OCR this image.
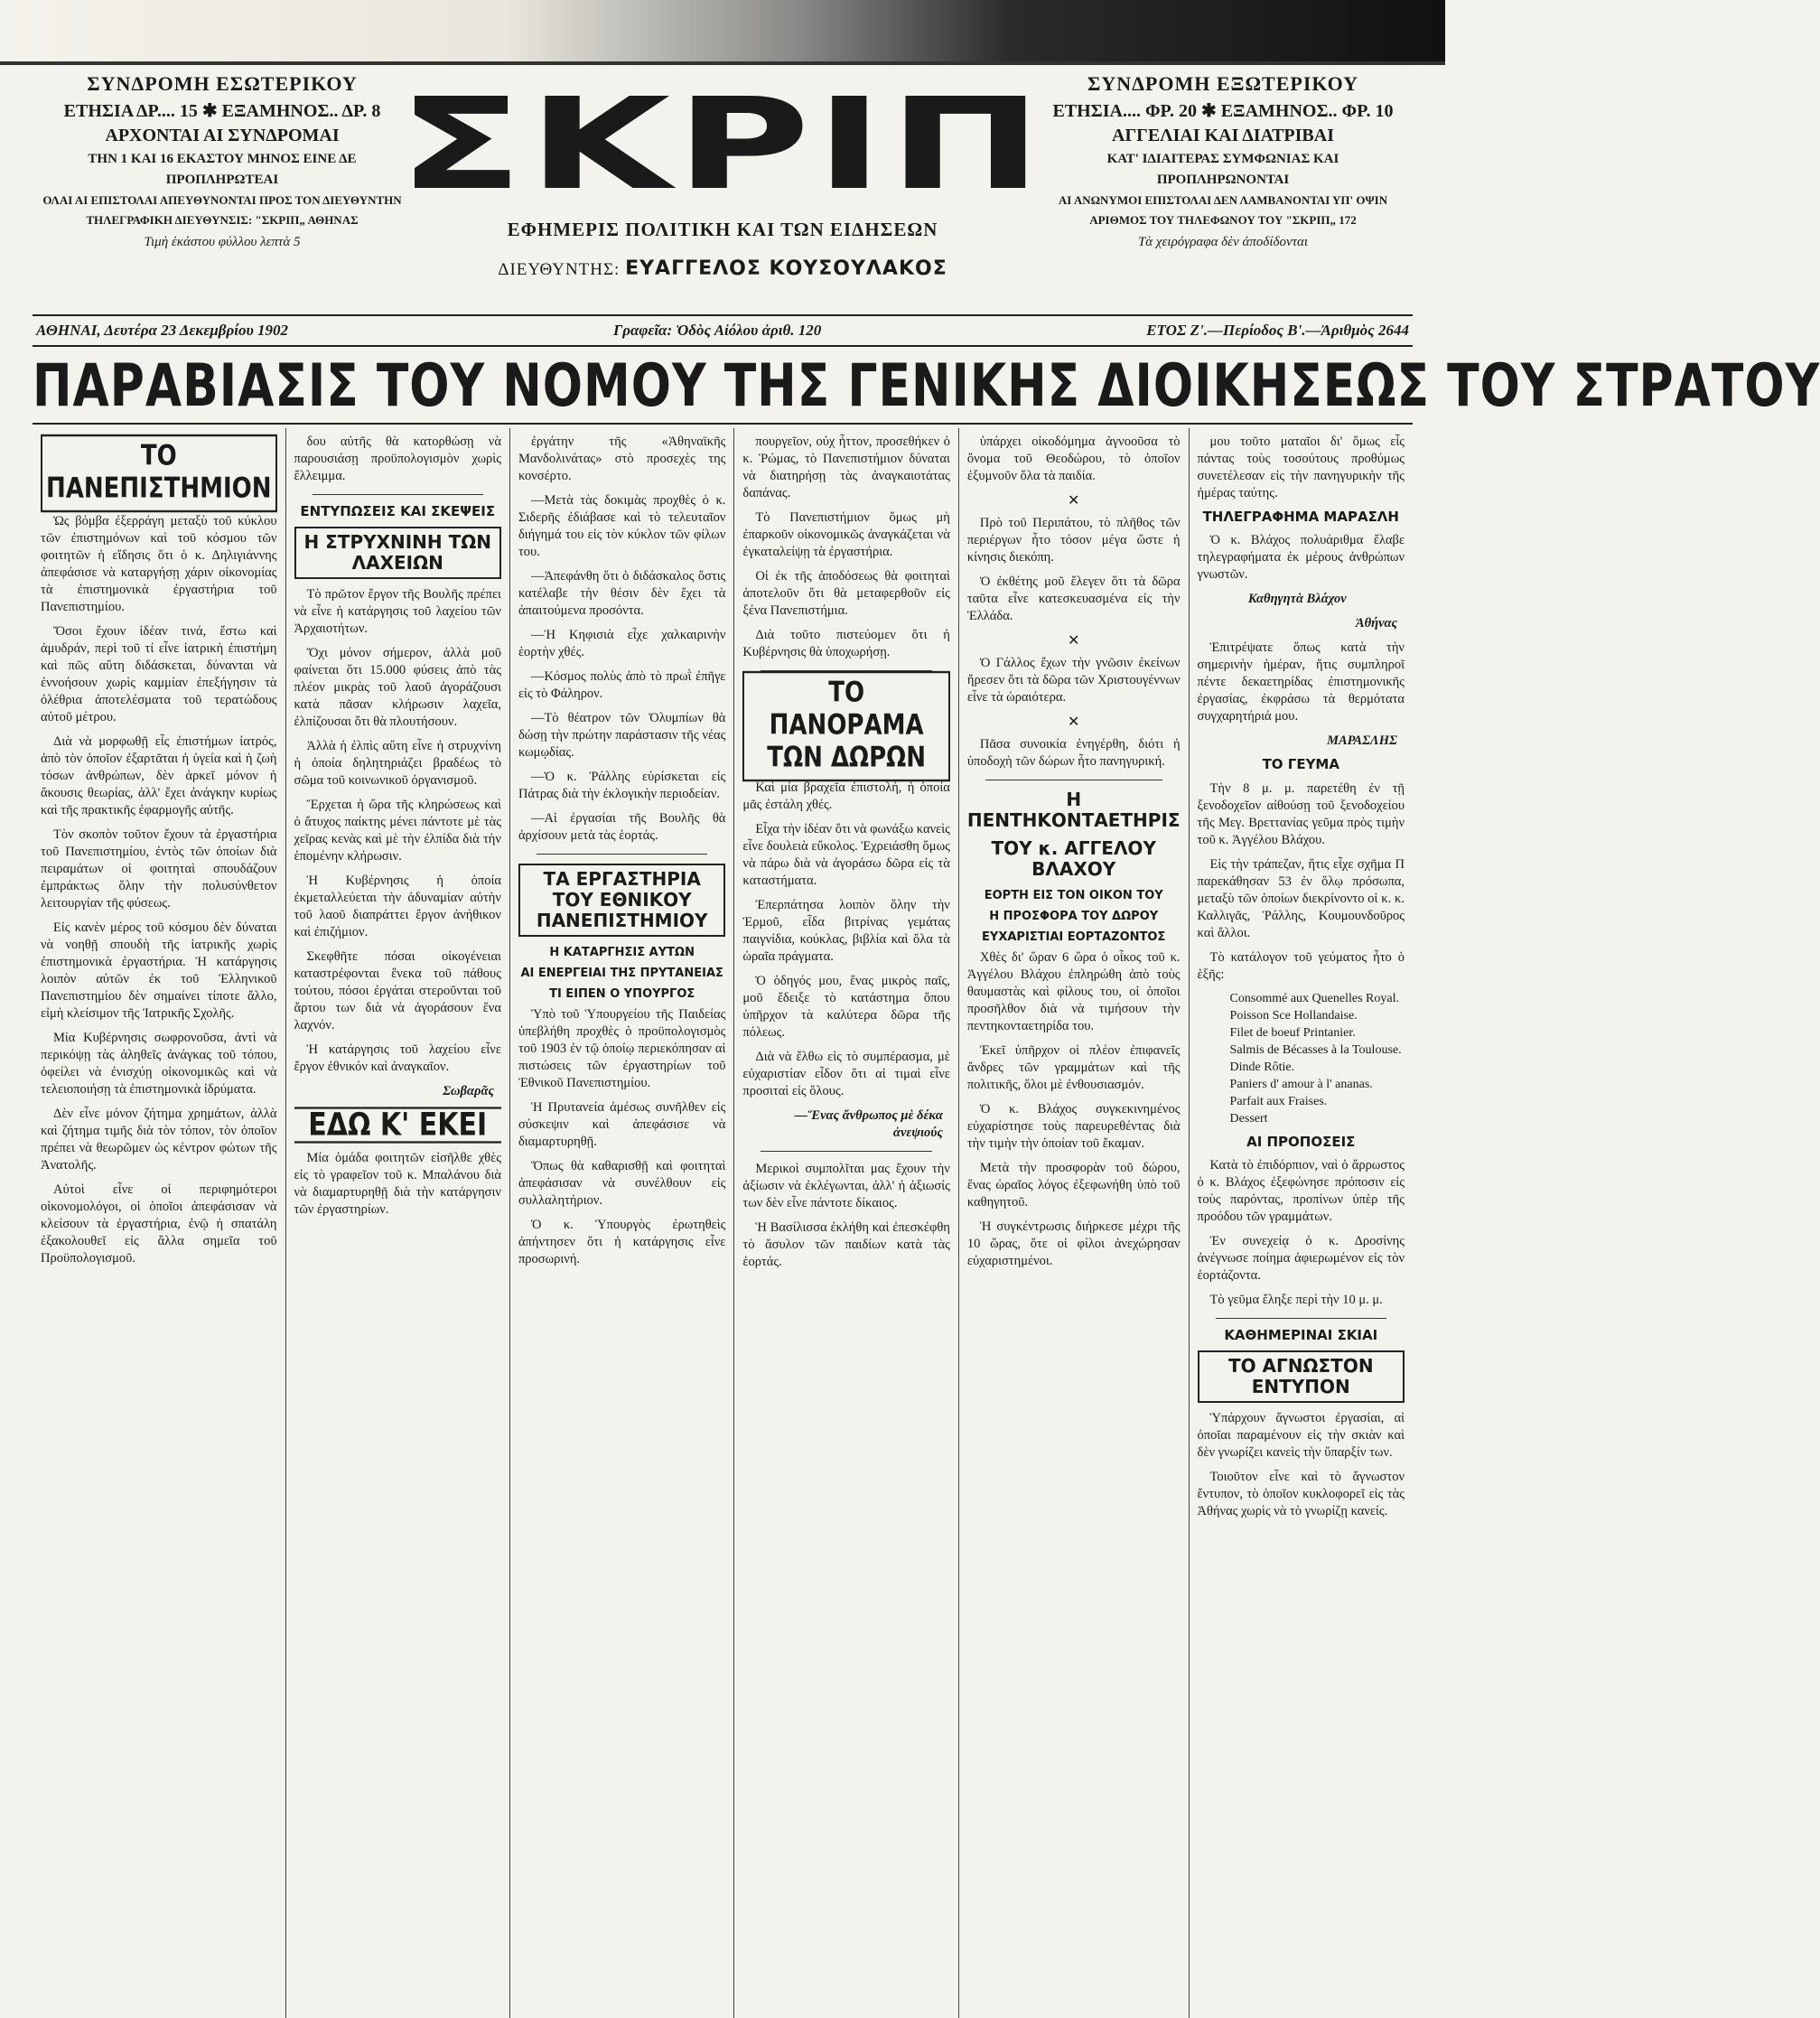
ΣΥΝΔΡΟΜΗ ΕΣΩΤΕΡΙΚΟΥ
ΕΤΗΣΙΑ ΔΡ.... 15 ✱ ΕΞΑΜΗΝΟΣ.. ΔΡ. 8
ΑΡΧΟΝΤΑΙ ΑΙ ΣΥΝΔΡΟΜΑΙ
ΤΗΝ 1 ΚΑΙ 16 ΕΚΑΣΤΟΥ ΜΗΝΟΣ ΕΙΝΕ ΔΕ
ΠΡΟΠΛΗΡΩΤΕΑΙ
ΟΛΑΙ ΑΙ ΕΠΙΣΤΟΛΑΙ ΑΠΕΥΘΥΝΟΝΤΑΙ ΠΡΟΣ ΤΟΝ ΔΙΕΥΘΥΝΤΗΝ
ΤΗΛΕΓΡΑΦΙΚΗ ΔΙΕΥΘΥΝΣΙΣ: "ΣΚΡΙΠ„ ΑΘΗΝΑΣ
Τιμὴ ἑκάστου φύλλου λεπτὰ 5
ΣΚΡΙΠ
ΕΦΗΜΕΡΙΣ ΠΟΛΙΤΙΚΗ ΚΑΙ ΤΩΝ ΕΙΔΗΣΕΩΝ
ΔΙΕΥΘΥΝΤΗΣ: ΕΥΑΓΓΕΛΟΣ ΚΟΥΣΟΥΛΑΚΟΣ
ΣΥΝΔΡΟΜΗ ΕΞΩΤΕΡΙΚΟΥ
ΕΤΗΣΙΑ.... ΦΡ. 20 ✱ ΕΞΑΜΗΝΟΣ.. ΦΡ. 10
ΑΓΓΕΛΙΑΙ ΚΑΙ ΔΙΑΤΡΙΒΑΙ
ΚΑΤ' ΙΔΙΑΙΤΕΡΑΣ ΣΥΜΦΩΝΙΑΣ ΚΑΙ
ΠΡΟΠΛΗΡΩΝΟΝΤΑΙ
ΑΙ ΑΝΩΝΥΜΟΙ ΕΠΙΣΤΟΛΑΙ ΔΕΝ ΛΑΜΒΑΝΟΝΤΑΙ ΥΠ' ΟΨΙΝ
ΑΡΙΘΜΟΣ ΤΟΥ ΤΗΛΕΦΩΝΟΥ ΤΟΥ "ΣΚΡΙΠ„ 172
Τὰ χειρόγραφα δὲν ἀποδίδονται
ΑΘΗΝΑΙ, Δευτέρα 23 Δεκεμβρίου 1902	Γραφεῖα: Ὁδὸς Αἰόλου ἀριθ. 120	ΕΤΟΣ Ζ'.—Περίοδος Β'.—Ἀριθμὸς 2644
ΠΑΡΑΒΙΑΣΙΣ ΤΟΥ ΝΟΜΟΥ ΤΗΣ ΓΕΝΙΚΗΣ ΔΙΟΙΚΗΣΕΩΣ ΤΟΥ ΣΤΡΑΤΟΥ
ΤΟ ΠΑΝΕΠΙΣΤΗΜΙΟΝ

Ὡς βόμβα ἐξερράγη μεταξὺ τοῦ κύκλου τῶν ἐπιστημόνων καὶ τοῦ κόσμου τῶν φοιτητῶν ἡ εἴδησις ὅτι ὁ κ. Δηλιγιάννης ἀπεφάσισε νὰ καταργήσῃ χάριν οἰκονομίας τὰ ἐπιστημονικὰ ἐργαστήρια τοῦ Πανεπιστημίου.

Ὅσοι ἔχουν ἰδέαν τινά, ἔστω καὶ ἀμυδράν, περὶ τοῦ τί εἶνε ἰατρικὴ ἐπιστήμη καὶ πῶς αὕτη διδάσκεται, δύνανται νὰ ἐννοήσουν χωρὶς καμμίαν ἐπεξήγησιν τὰ ὀλέθρια ἀποτελέσματα τοῦ τερατώδους αὐτοῦ μέτρου.

Διὰ νὰ μορφωθῇ εἷς ἐπιστήμων ἰατρός, ἀπὸ τὸν ὁποῖον ἐξαρτᾶται ἡ ὑγεία καὶ ἡ ζωὴ τόσων ἀνθρώπων, δὲν ἀρκεῖ μόνον ἡ ἄκουσις θεωρίας, ἀλλ' ἔχει ἀνάγκην κυρίως καὶ τῆς πρακτικῆς ἐφαρμογῆς αὐτῆς.

Τὸν σκοπὸν τοῦτον ἔχουν τὰ ἐργαστήρια τοῦ Πανεπιστημίου, ἐντὸς τῶν ὁποίων διὰ πειραμάτων οἱ φοιτηταὶ σπουδάζουν ἐμπράκτως ὅλην τὴν πολυσύνθετον λειτουργίαν τῆς φύσεως.

Εἰς κανὲν μέρος τοῦ κόσμου δὲν δύναται νὰ νοηθῇ σπουδὴ τῆς ἰατρικῆς χωρὶς ἐπιστημονικὰ ἐργαστήρια. Ἡ κατάργησις λοιπὸν αὐτῶν ἐκ τοῦ Ἑλληνικοῦ Πανεπιστημίου δὲν σημαίνει τίποτε ἄλλο, εἰμὴ κλείσιμον τῆς Ἰατρικῆς Σχολῆς.

Μία Κυβέρνησις σωφρονοῦσα, ἀντὶ νὰ περικόψῃ τὰς ἀληθεῖς ἀνάγκας τοῦ τόπου, ὀφείλει νὰ ἐνισχύῃ οἰκονομικῶς καὶ νὰ τελειοποιήσῃ τὰ ἐπιστημονικὰ ἱδρύματα.

Δὲν εἶνε μόνον ζήτημα χρημάτων, ἀλλὰ καὶ ζήτημα τιμῆς διὰ τὸν τόπον, τὸν ὁποῖον πρέπει νὰ θεωρῶμεν ὡς κέντρον φώτων τῆς Ἀνατολῆς.

Αὐτοὶ εἶνε οἱ περιφημότεροι οἰκονομολόγοι, οἱ ὁποῖοι ἀπεφάσισαν νὰ κλείσουν τὰ ἐργαστήρια, ἐνῷ ἡ σπατάλη ἐξακολουθεῖ εἰς ἄλλα σημεῖα τοῦ Προϋπολογισμοῦ.

δου αὐτῆς θὰ κατορθώσῃ νὰ παρουσιάσῃ προϋπολογισμὸν χωρὶς ἔλλειμμα.

ΕΝΤΥΠΩΣΕΙΣ ΚΑΙ ΣΚΕΨΕΙΣ
Η ΣΤΡΥΧΝΙΝΗ ΤΩΝ ΛΑΧΕΙΩΝ

Τὸ πρῶτον ἔργον τῆς Βουλῆς πρέπει νὰ εἶνε ἡ κατάργησις τοῦ λαχείου τῶν Ἀρχαιοτήτων.

Ὄχι μόνον σήμερον, ἀλλὰ μοῦ φαίνεται ὅτι 15.000 φύσεις ἀπὸ τὰς πλέον μικρὰς τοῦ λαοῦ ἀγοράζουσι κατὰ πᾶσαν κλήρωσιν λαχεῖα, ἐλπίζουσαι ὅτι θὰ πλουτήσουν.

Ἀλλὰ ἡ ἐλπὶς αὕτη εἶνε ἡ στρυχνίνη ἡ ὁποία δηλητηριάζει βραδέως τὸ σῶμα τοῦ κοινωνικοῦ ὀργανισμοῦ.

Ἔρχεται ἡ ὥρα τῆς κληρώσεως καὶ ὁ ἄτυχος παίκτης μένει πάντοτε μὲ τὰς χεῖρας κενὰς καὶ μὲ τὴν ἐλπίδα διὰ τὴν ἑπομένην κλήρωσιν.

Ἡ Κυβέρνησις ἡ ὁποία ἐκμεταλλεύεται τὴν ἀδυναμίαν αὐτὴν τοῦ λαοῦ διαπράττει ἔργον ἀνήθικον καὶ ἐπιζήμιον.

Σκεφθῆτε πόσαι οἰκογένειαι καταστρέφονται ἕνεκα τοῦ πάθους τούτου, πόσοι ἐργάται στεροῦνται τοῦ ἄρτου των διὰ νὰ ἀγοράσουν ἕνα λαχνόν.

Ἡ κατάργησις τοῦ λαχείου εἶνε ἔργον ἐθνικόν καὶ ἀναγκαῖον.

Σωβαρᾶς
ΕΔΩ Κ' ΕΚΕΙ

Μία ὁμάδα φοιτητῶν εἰσῆλθε χθὲς εἰς τὸ γραφεῖον τοῦ κ. Μπαλάνου διὰ νὰ διαμαρτυρηθῇ διὰ τὴν κατάργησιν τῶν ἐργαστηρίων.

ἐργάτην τῆς «Ἀθηναϊκῆς Μανδολινάτας» στὸ προσεχὲς της κονσέρτο.

—Μετὰ τὰς δοκιμὰς προχθὲς ὁ κ. Σιδερῆς ἐδιάβασε καὶ τὸ τελευταῖον διήγημά του εἰς τὸν κύκλον τῶν φίλων του.

—Ἀπεφάνθη ὅτι ὁ διδάσκαλος ὅστις κατέλαβε τὴν θέσιν δὲν ἔχει τὰ ἀπαιτούμενα προσόντα.

—Ἡ Κηφισιὰ εἶχε χαλκαιρινὴν ἑορτὴν χθές.

—Κόσμος πολὺς ἀπὸ τὸ πρωῒ ἐπῆγε εἰς τὸ Φάληρον.

—Τὸ θέατρον τῶν Ὀλυμπίων θὰ δώσῃ τὴν πρώτην παράστασιν τῆς νέας κωμῳδίας.

—Ὁ κ. Ῥάλλης εὑρίσκεται εἰς Πάτρας διὰ τὴν ἐκλογικὴν περιοδείαν.

—Αἱ ἐργασίαι τῆς Βουλῆς θὰ ἀρχίσουν μετὰ τὰς ἑορτάς.

ΤΑ ΕΡΓΑΣΤΗΡΙΑ ΤΟΥ ΕΘΝΙΚΟΥ ΠΑΝΕΠΙΣΤΗΜΙΟΥ
Η ΚΑΤΑΡΓΗΣΙΣ ΑΥΤΩΝ
ΑΙ ΕΝΕΡΓΕΙΑΙ ΤΗΣ ΠΡΥΤΑΝΕΙΑΣ
ΤΙ ΕΙΠΕΝ Ο ΥΠΟΥΡΓΟΣ

Ὑπὸ τοῦ Ὑπουργείου τῆς Παιδείας ὑπεβλήθη προχθὲς ὁ προϋπολογισμὸς τοῦ 1903 ἐν τῷ ὁποίῳ περιεκόπησαν αἱ πιστώσεις τῶν ἐργαστηρίων τοῦ Ἐθνικοῦ Πανεπιστημίου.

Ἡ Πρυτανεία ἀμέσως συνῆλθεν εἰς σύσκεψιν καὶ ἀπεφάσισε νὰ διαμαρτυρηθῇ.

Ὅπως θὰ καθαρισθῇ καὶ φοιτηταὶ ἀπεφάσισαν νὰ συνέλθουν εἰς συλλαλητήριον.

Ὁ κ. Ὑπουργὸς ἐρωτηθεὶς ἀπήντησεν ὅτι ἡ κατάργησις εἶνε προσωρινή.

πουργεῖον, οὐχ ἧττον, προσεθήκεν ὁ κ. Ῥώμας, τὸ Πανεπιστήμιον δύναται νὰ διατηρήσῃ τὰς ἀναγκαιοτάτας δαπάνας.

Τὸ Πανεπιστήμιον ὅμως μὴ ἐπαρκοῦν οἰκονομικῶς ἀναγκάζεται νὰ ἐγκαταλείψῃ τὰ ἐργαστήρια.

Οἱ ἐκ τῆς ἀποδόσεως θὰ φοιτηταὶ ἀποτελοῦν ὅτι θὰ μεταφερθοῦν εἰς ξένα Πανεπιστήμια.

Διὰ τοῦτο πιστεύομεν ὅτι ἡ Κυβέρνησις θὰ ὑποχωρήσῃ.

ΤΟ ΠΑΝΟΡΑΜΑ ΤΩΝ ΔΩΡΩΝ

Καὶ μία βραχεῖα ἐπιστολή, ἡ ὁποία μᾶς ἐστάλη χθές.

Εἶχα τὴν ἰδέαν ὅτι νὰ φωνάξω κανεὶς εἶνε δουλειὰ εὔκολος. Ἐχρειάσθη ὅμως νὰ πάρω διὰ νὰ ἀγοράσω δῶρα εἰς τὰ καταστήματα.

Ἐπερπάτησα λοιπὸν ὅλην τὴν Ἑρμοῦ, εἶδα βιτρίνας γεμάτας παιγνίδια, κούκλας, βιβλία καὶ ὅλα τὰ ὡραῖα πράγματα.

Ὁ ὁδηγός μου, ἕνας μικρὸς παῖς, μοῦ ἔδειξε τὸ κατάστημα ὅπου ὑπῆρχον τὰ καλύτερα δῶρα τῆς πόλεως.

Διὰ νὰ ἔλθω εἰς τὸ συμπέρασμα, μὲ εὐχαριστίαν εἶδον ὅτι αἱ τιμαὶ εἶνε προσιταὶ εἰς ὅλους.

—Ἕνας ἄνθρωπος μὲ δέκα ἀνεψιούς

Μερικοὶ συμπολῖται μας ἔχουν τὴν ἀξίωσιν νὰ ἐκλέγωνται, ἀλλ' ἡ ἀξιωσίς των δὲν εἶνε πάντοτε δίκαιος.

Ἡ Βασίλισσα ἐκλήθη καὶ ἐπεσκέφθη τὸ ἄσυλον τῶν παιδίων κατὰ τὰς ἑορτάς.

ὑπάρχει οἰκοδόμημα ἀγνοοῦσα τὸ ὄνομα τοῦ Θεοδώρου, τὸ ὁποῖον ἐξυμνοῦν ὅλα τὰ παιδία.

✕

Πρὸ τοῦ Περιπάτου, τὸ πλῆθος τῶν περιέργων ἦτο τόσον μέγα ὥστε ἡ κίνησις διεκόπη.

Ὁ ἐκθέτης μοῦ ἔλεγεν ὅτι τὰ δῶρα ταῦτα εἶνε κατεσκευασμένα εἰς τὴν Ἑλλάδα.

✕

Ὁ Γάλλος ἔχων τὴν γνῶσιν ἐκείνων ἤρεσεν ὅτι τὰ δῶρα τῶν Χριστουγέννων εἶνε τὰ ὡραιότερα.

✕

Πᾶσα συνοικία ἐνηγέρθη, διότι ἡ ὑποδοχὴ τῶν δώρων ἦτο πανηγυρική.

Η ΠΕΝΤΗΚΟΝΤΑΕΤΗΡΙΣ
ΤΟΥ κ. ΑΓΓΕΛΟΥ ΒΛΑΧΟΥ
ΕΟΡΤΗ ΕΙΣ ΤΟΝ ΟΙΚΟΝ ΤΟΥ
Η ΠΡΟΣΦΟΡΑ ΤΟΥ ΔΩΡΟΥ
ΕΥΧΑΡΙΣΤΙΑΙ ΕΟΡΤΑΖΟΝΤΟΣ

Χθὲς δι' ὥραν 6 ὥρα ὁ οἶκος τοῦ κ. Ἀγγέλου Βλάχου ἐπληρώθη ἀπὸ τοὺς θαυμαστὰς καὶ φίλους του, οἱ ὁποῖοι προσῆλθον διὰ νὰ τιμήσουν τὴν πεντηκονταετηρίδα του.

Ἐκεῖ ὑπῆρχον οἱ πλέον ἐπιφανεῖς ἄνδρες τῶν γραμμάτων καὶ τῆς πολιτικῆς, ὅλοι μὲ ἐνθουσιασμόν.

Ὁ κ. Βλάχος συγκεκινημένος εὐχαρίστησε τοὺς παρευρεθέντας διὰ τὴν τιμὴν τὴν ὁποίαν τοῦ ἔκαμαν.

Μετὰ τὴν προσφορὰν τοῦ δώρου, ἕνας ὡραῖος λόγος ἐξεφωνήθη ὑπὸ τοῦ καθηγητοῦ.

Ἡ συγκέντρωσις διήρκεσε μέχρι τῆς 10 ὥρας, ὅτε οἱ φίλοι ἀνεχώρησαν εὐχαριστημένοι.

μου τοῦτο ματαῖοι δι' ὅμως εἶς πάντας τοὺς τοσούτους προθύμως συνετέλεσαν εἰς τὴν πανηγυρικὴν τῆς ἡμέρας ταύτης.

ΤΗΛΕΓΡΑΦΗΜΑ ΜΑΡΑΣΛΗ

Ὁ κ. Βλάχος πολυάριθμα ἔλαβε τηλεγραφήματα ἐκ μέρους ἀνθρώπων γνωστῶν.

Καθηγητὰ Βλάχον
Ἀθήνας

Ἐπιτρέψατε ὅπως κατὰ τὴν σημερινὴν ἡμέραν, ἥτις συμπληροῖ πέντε δεκαετηρίδας ἐπιστημονικῆς ἐργασίας, ἐκφράσω τὰ θερμότατα συγχαρητήριά μου.

ΜΑΡΑΣΛΗΣ
ΤΟ ΓΕΥΜΑ

Τὴν 8 μ. μ. παρετέθη ἐν τῇ ξενοδοχεῖον αἰθούσῃ τοῦ ξενοδοχείου τῆς Μεγ. Βρεττανίας γεῦμα πρὸς τιμὴν τοῦ κ. Ἀγγέλου Βλάχου.

Εἰς τὴν τράπεζαν, ἥτις εἶχε σχῆμα Π παρεκάθησαν 53 ἐν ὅλῳ πρόσωπα, μεταξὺ τῶν ὁποίων διεκρίνοντο οἱ κ. κ. Καλλιγᾶς, Ῥάλλης, Κουμουνδοῦρος καὶ ἄλλοι.

Τὸ κατάλογον τοῦ γεύματος ἦτο ὁ ἑξῆς:

Consommé aux Quenelles Royal.
Poisson Sce Hollandaise.
Filet de boeuf Printanier.
Salmis de Bécasses à la Toulouse.
Dinde Rôtie.
Paniers d' amour à l' ananas.
Parfait aux Fraises.
Dessert
ΑΙ ΠΡΟΠΟΣΕΙΣ

Κατὰ τὸ ἐπιδόρπιον, ναὶ ὁ ἄρρωστος ὁ κ. Βλάχος ἐξεφώνησε πρόποσιν εἰς τοὺς παρόντας, προπίνων ὑπὲρ τῆς προόδου τῶν γραμμάτων.

Ἐν συνεχείᾳ ὁ κ. Δροσίνης ἀνέγνωσε ποίημα ἀφιερωμένον εἰς τὸν ἑορτάζοντα.

Τὸ γεῦμα ἔληξε περὶ τὴν 10 μ. μ.

ΚΑΘΗΜΕΡΙΝΑΙ ΣΚΙΑΙ
ΤΟ ΑΓΝΩΣΤΟΝ ΕΝΤΥΠΟΝ

Ὑπάρχουν ἄγνωστοι ἐργασίαι, αἱ ὁποῖαι παραμένουν εἰς τὴν σκιὰν καὶ δὲν γνωρίζει κανεὶς τὴν ὕπαρξίν των.

Τοιοῦτον εἶνε καὶ τὸ ἄγνωστον ἔντυπον, τὸ ὁποῖον κυκλοφορεῖ εἰς τὰς Ἀθήνας χωρὶς νὰ τὸ γνωρίζῃ κανείς.
